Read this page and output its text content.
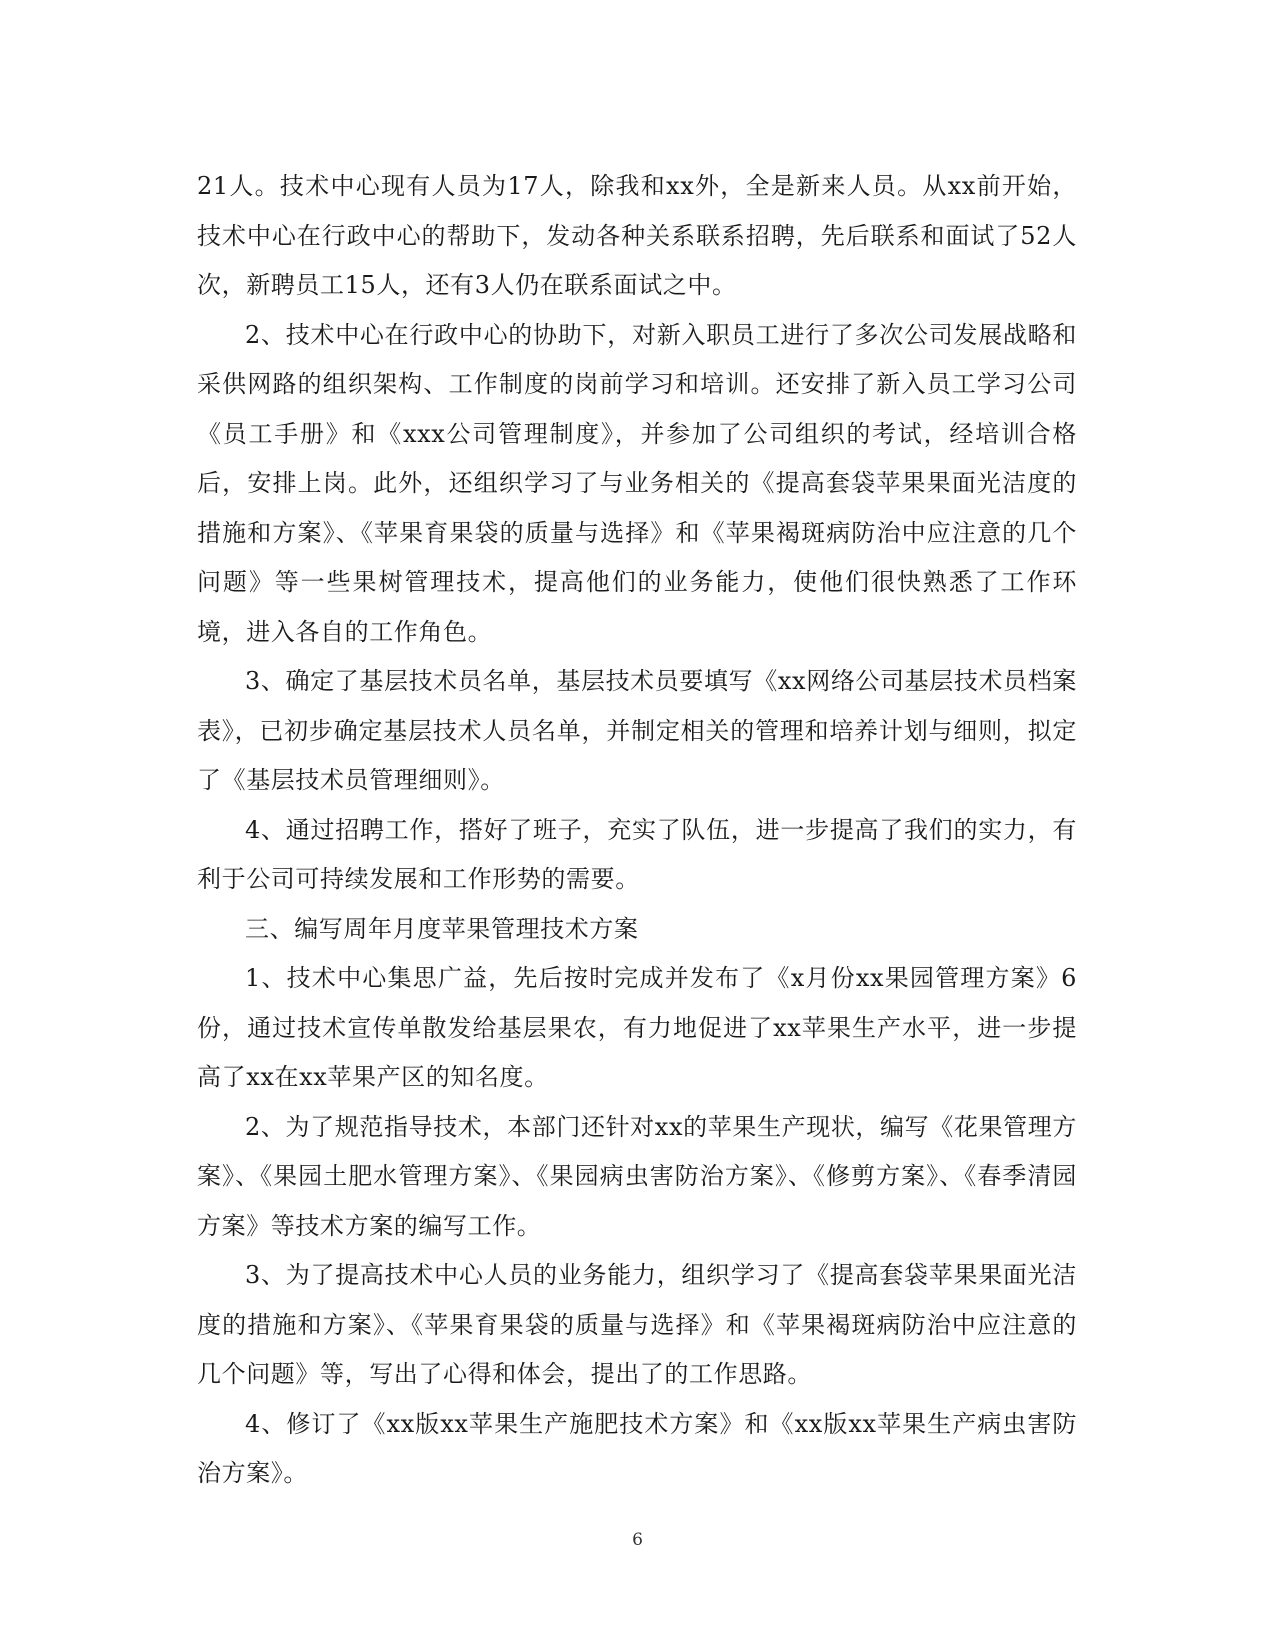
21人。技术中心现有人员为17人，除我和xx外，全是新来人员。从xx前开始，技术中心在行政中心的帮助下，发动各种关系联系招聘，先后联系和面试了52人次，新聘员工15人，还有3人仍在联系面试之中。

2、技术中心在行政中心的协助下，对新入职员工进行了多次公司发展战略和采供网路的组织架构、工作制度的岗前学习和培训。还安排了新入员工学习公司《员工手册》和《xxx公司管理制度》，并参加了公司组织的考试，经培训合格后，安排上岗。此外，还组织学习了与业务相关的《提高套袋苹果果面光洁度的措施和方案》、《苹果育果袋的质量与选择》和《苹果褐斑病防治中应注意的几个问题》等一些果树管理技术，提高他们的业务能力，使他们很快熟悉了工作环境，进入各自的工作角色。

3、确定了基层技术员名单，基层技术员要填写《xx网络公司基层技术员档案表》，已初步确定基层技术人员名单，并制定相关的管理和培养计划与细则，拟定了《基层技术员管理细则》。

4、通过招聘工作，搭好了班子，充实了队伍，进一步提高了我们的实力，有利于公司可持续发展和工作形势的需要。

三、编写周年月度苹果管理技术方案

1、技术中心集思广益，先后按时完成并发布了《x月份xx果园管理方案》6份，通过技术宣传单散发给基层果农，有力地促进了xx苹果生产水平，进一步提高了xx在xx苹果产区的知名度。

2、为了规范指导技术，本部门还针对xx的苹果生产现状，编写《花果管理方案》、《果园土肥水管理方案》、《果园病虫害防治方案》、《修剪方案》、《春季清园方案》等技术方案的编写工作。

3、为了提高技术中心人员的业务能力，组织学习了《提高套袋苹果果面光洁度的措施和方案》、《苹果育果袋的质量与选择》和《苹果褐斑病防治中应注意的几个问题》等，写出了心得和体会，提出了的工作思路。

4、修订了《xx版xx苹果生产施肥技术方案》和《xx版xx苹果生产病虫害防治方案》。

6
